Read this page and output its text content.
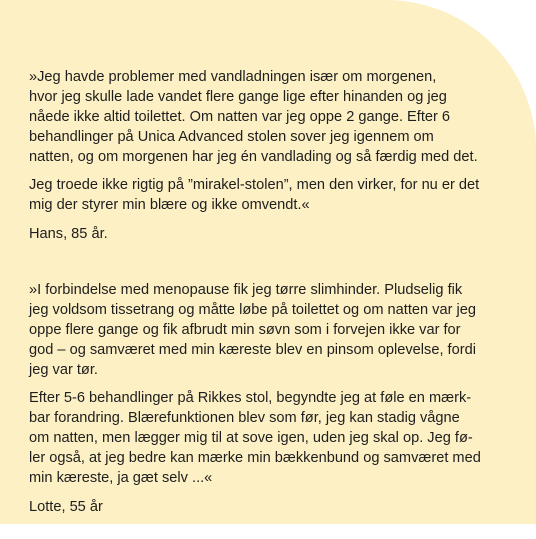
»Jeg havde problemer med vandladningen især om morgenen,
hvor jeg skulle lade vandet flere gange lige efter hinanden og jeg
nåede ikke altid toilettet. Om natten var jeg oppe 2 gange. Efter 6
behandlinger på Unica Advanced stolen sover jeg igennem om
natten, og om morgenen har jeg én vandlading og så færdig med det.

Jeg troede ikke rigtig på ”mirakel-stolen”, men den virker, for nu er det
mig der styrer min blære og ikke omvendt.«

Hans, 85 år.

»I forbindelse med menopause fik jeg tørre slimhinder. Pludselig fik
jeg voldsom tissetrang og måtte løbe på toilettet og om natten var jeg
oppe flere gange og fik afbrudt min søvn som i forvejen ikke var for
god – og samværet med min kæreste blev en pinsom oplevelse, fordi
jeg var tør.

Efter 5-6 behandlinger på Rikkes stol, begyndte jeg at føle en mærk-
bar forandring. Blærefunktionen blev som før, jeg kan stadig vågne
om natten, men lægger mig til at sove igen, uden jeg skal op. Jeg fø-
ler også, at jeg bedre kan mærke min bækkenbund og samværet med
min kæreste, ja gæt selv ...«

Lotte, 55 år
